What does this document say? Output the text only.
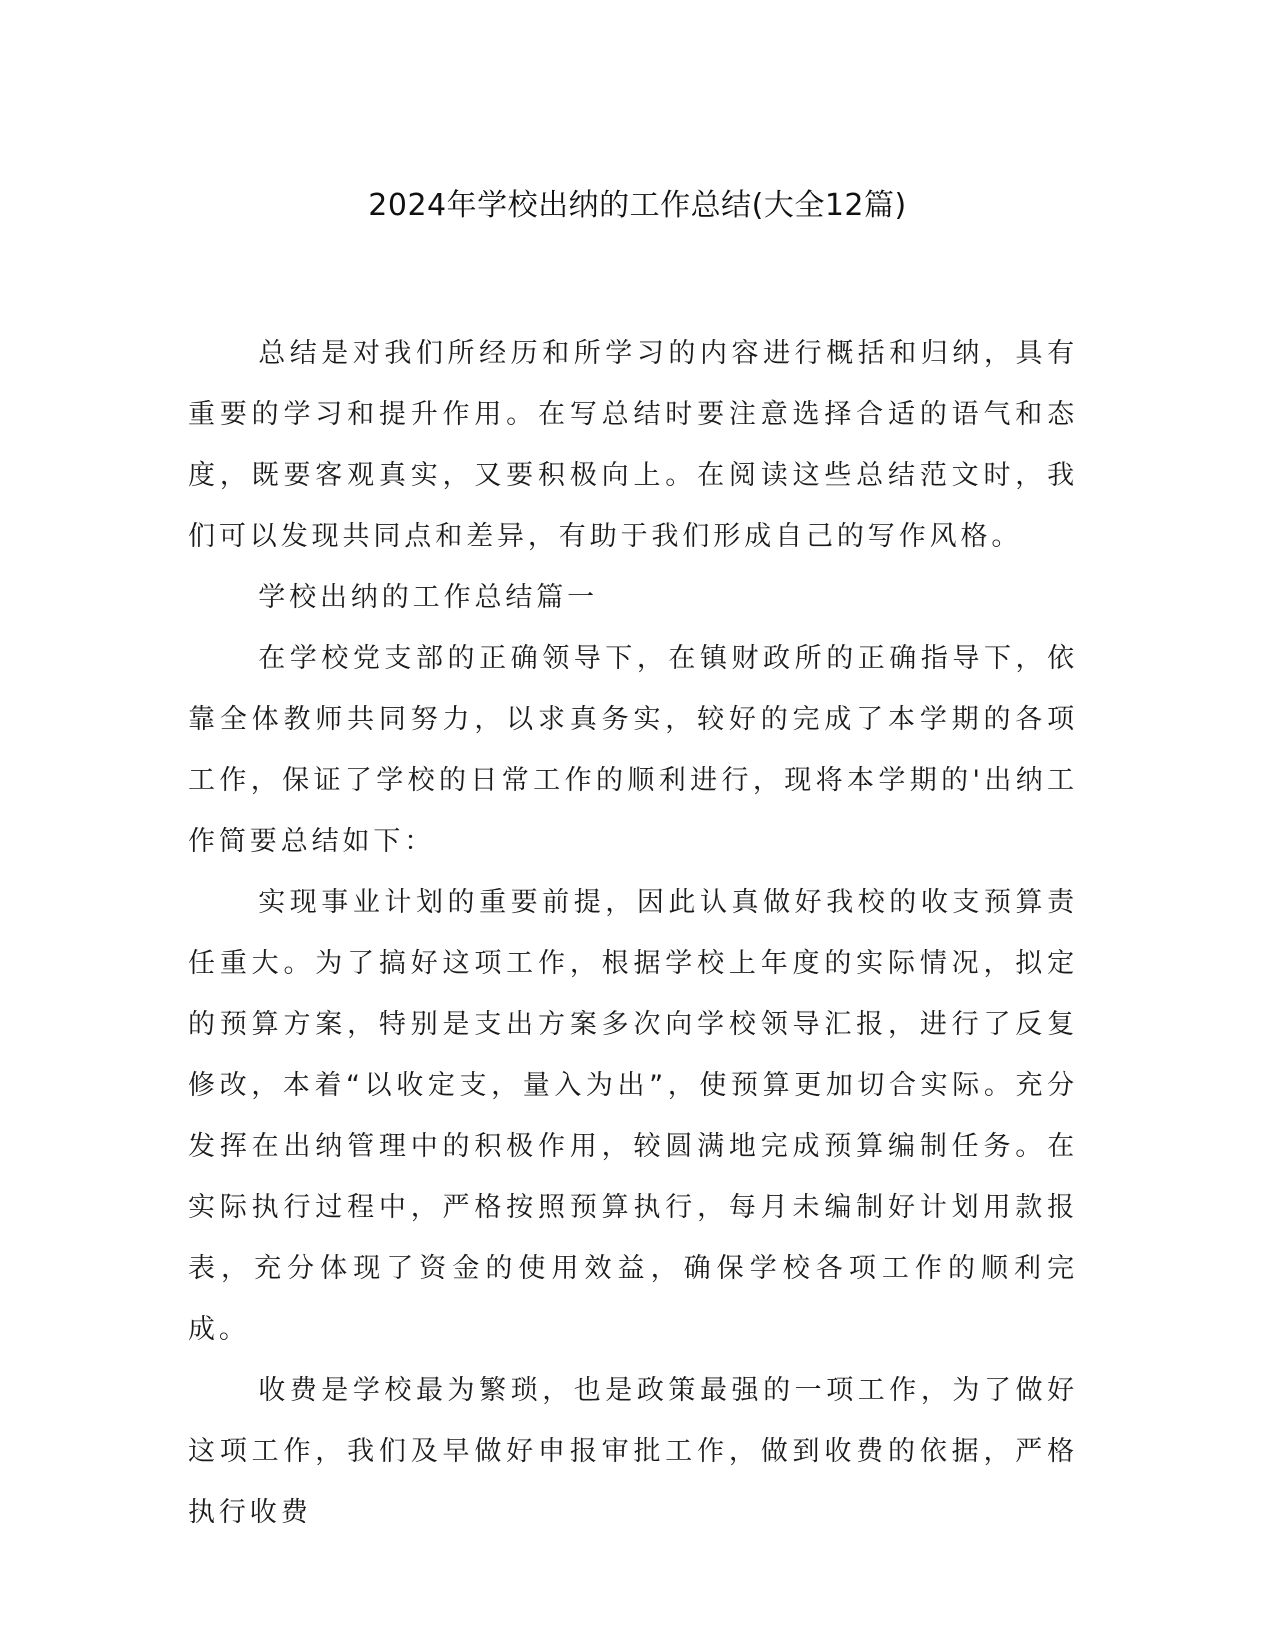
2024年学校出纳的工作总结(大全12篇)

总结是对我们所经历和所学习的内容进行概括和归纳，具有重要的学习和提升作用。在写总结时要注意选择合适的语气和态度，既要客观真实，又要积极向上。在阅读这些总结范文时，我们可以发现共同点和差异，有助于我们形成自己的写作风格。

学校出纳的工作总结篇一

在学校党支部的正确领导下，在镇财政所的正确指导下，依靠全体教师共同努力，以求真务实，较好的完成了本学期的各项工作，保证了学校的日常工作的顺利进行，现将本学期的'出纳工作简要总结如下：

实现事业计划的重要前提，因此认真做好我校的收支预算责任重大。为了搞好这项工作，根据学校上年度的实际情况，拟定的预算方案，特别是支出方案多次向学校领导汇报，进行了反复修改，本着“以收定支，量入为出”，使预算更加切合实际。充分发挥在出纳管理中的积极作用，较圆满地完成预算编制任务。在实际执行过程中，严格按照预算执行，每月未编制好计划用款报表，充分体现了资金的使用效益，确保学校各项工作的顺利完成。

收费是学校最为繁琐，也是政策最强的一项工作，为了做好这项工作，我们及早做好申报审批工作，做到收费的依据，严格执行收费
